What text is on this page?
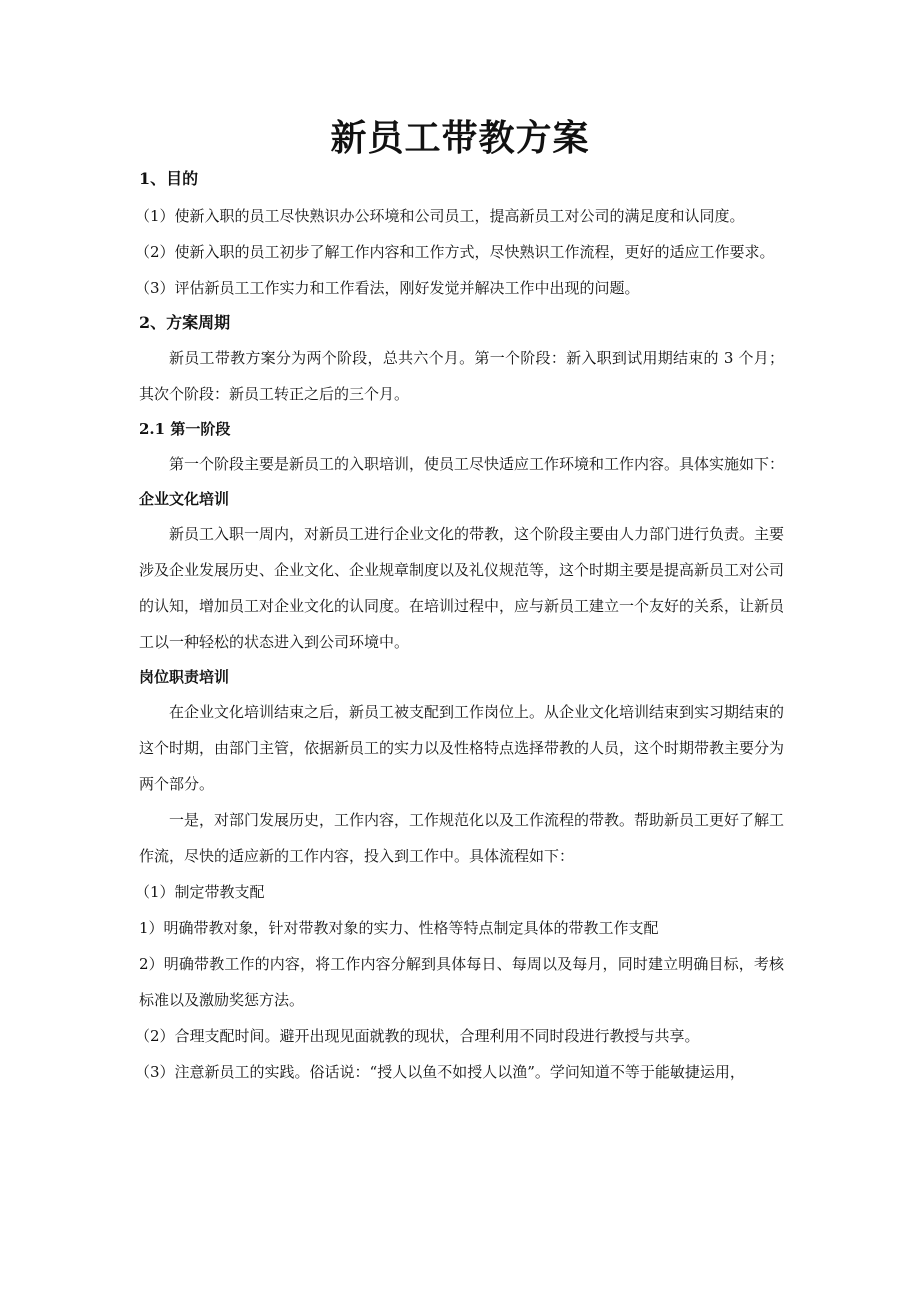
新员工带教方案
1、目的
（1）使新入职的员工尽快熟识办公环境和公司员工，提高新员工对公司的满足度和认同度。
（2）使新入职的员工初步了解工作内容和工作方式，尽快熟识工作流程，更好的适应工作要求。
（3）评估新员工工作实力和工作看法，刚好发觉并解决工作中出现的问题。
2、方案周期
新员工带教方案分为两个阶段，总共六个月。第一个阶段：新入职到试用期结束的 3 个月；其次个阶段：新员工转正之后的三个月。
2.1 第一阶段
第一个阶段主要是新员工的入职培训，使员工尽快适应工作环境和工作内容。具体实施如下：
企业文化培训
新员工入职一周内，对新员工进行企业文化的带教，这个阶段主要由人力部门进行负责。主要涉及企业发展历史、企业文化、企业规章制度以及礼仪规范等，这个时期主要是提高新员工对公司的认知，增加员工对企业文化的认同度。在培训过程中，应与新员工建立一个友好的关系，让新员工以一种轻松的状态进入到公司环境中。
岗位职责培训
在企业文化培训结束之后，新员工被支配到工作岗位上。从企业文化培训结束到实习期结束的这个时期，由部门主管，依据新员工的实力以及性格特点选择带教的人员，这个时期带教主要分为两个部分。
一是，对部门发展历史，工作内容，工作规范化以及工作流程的带教。帮助新员工更好了解工作流，尽快的适应新的工作内容，投入到工作中。具体流程如下：
（1）制定带教支配
1）明确带教对象，针对带教对象的实力、性格等特点制定具体的带教工作支配
2）明确带教工作的内容，将工作内容分解到具体每日、每周以及每月，同时建立明确目标，考核标准以及激励奖惩方法。
（2）合理支配时间。避开出现见面就教的现状，合理利用不同时段进行教授与共享。
（3）注意新员工的实践。俗话说：“授人以鱼不如授人以渔”。学问知道不等于能敏捷运用，
